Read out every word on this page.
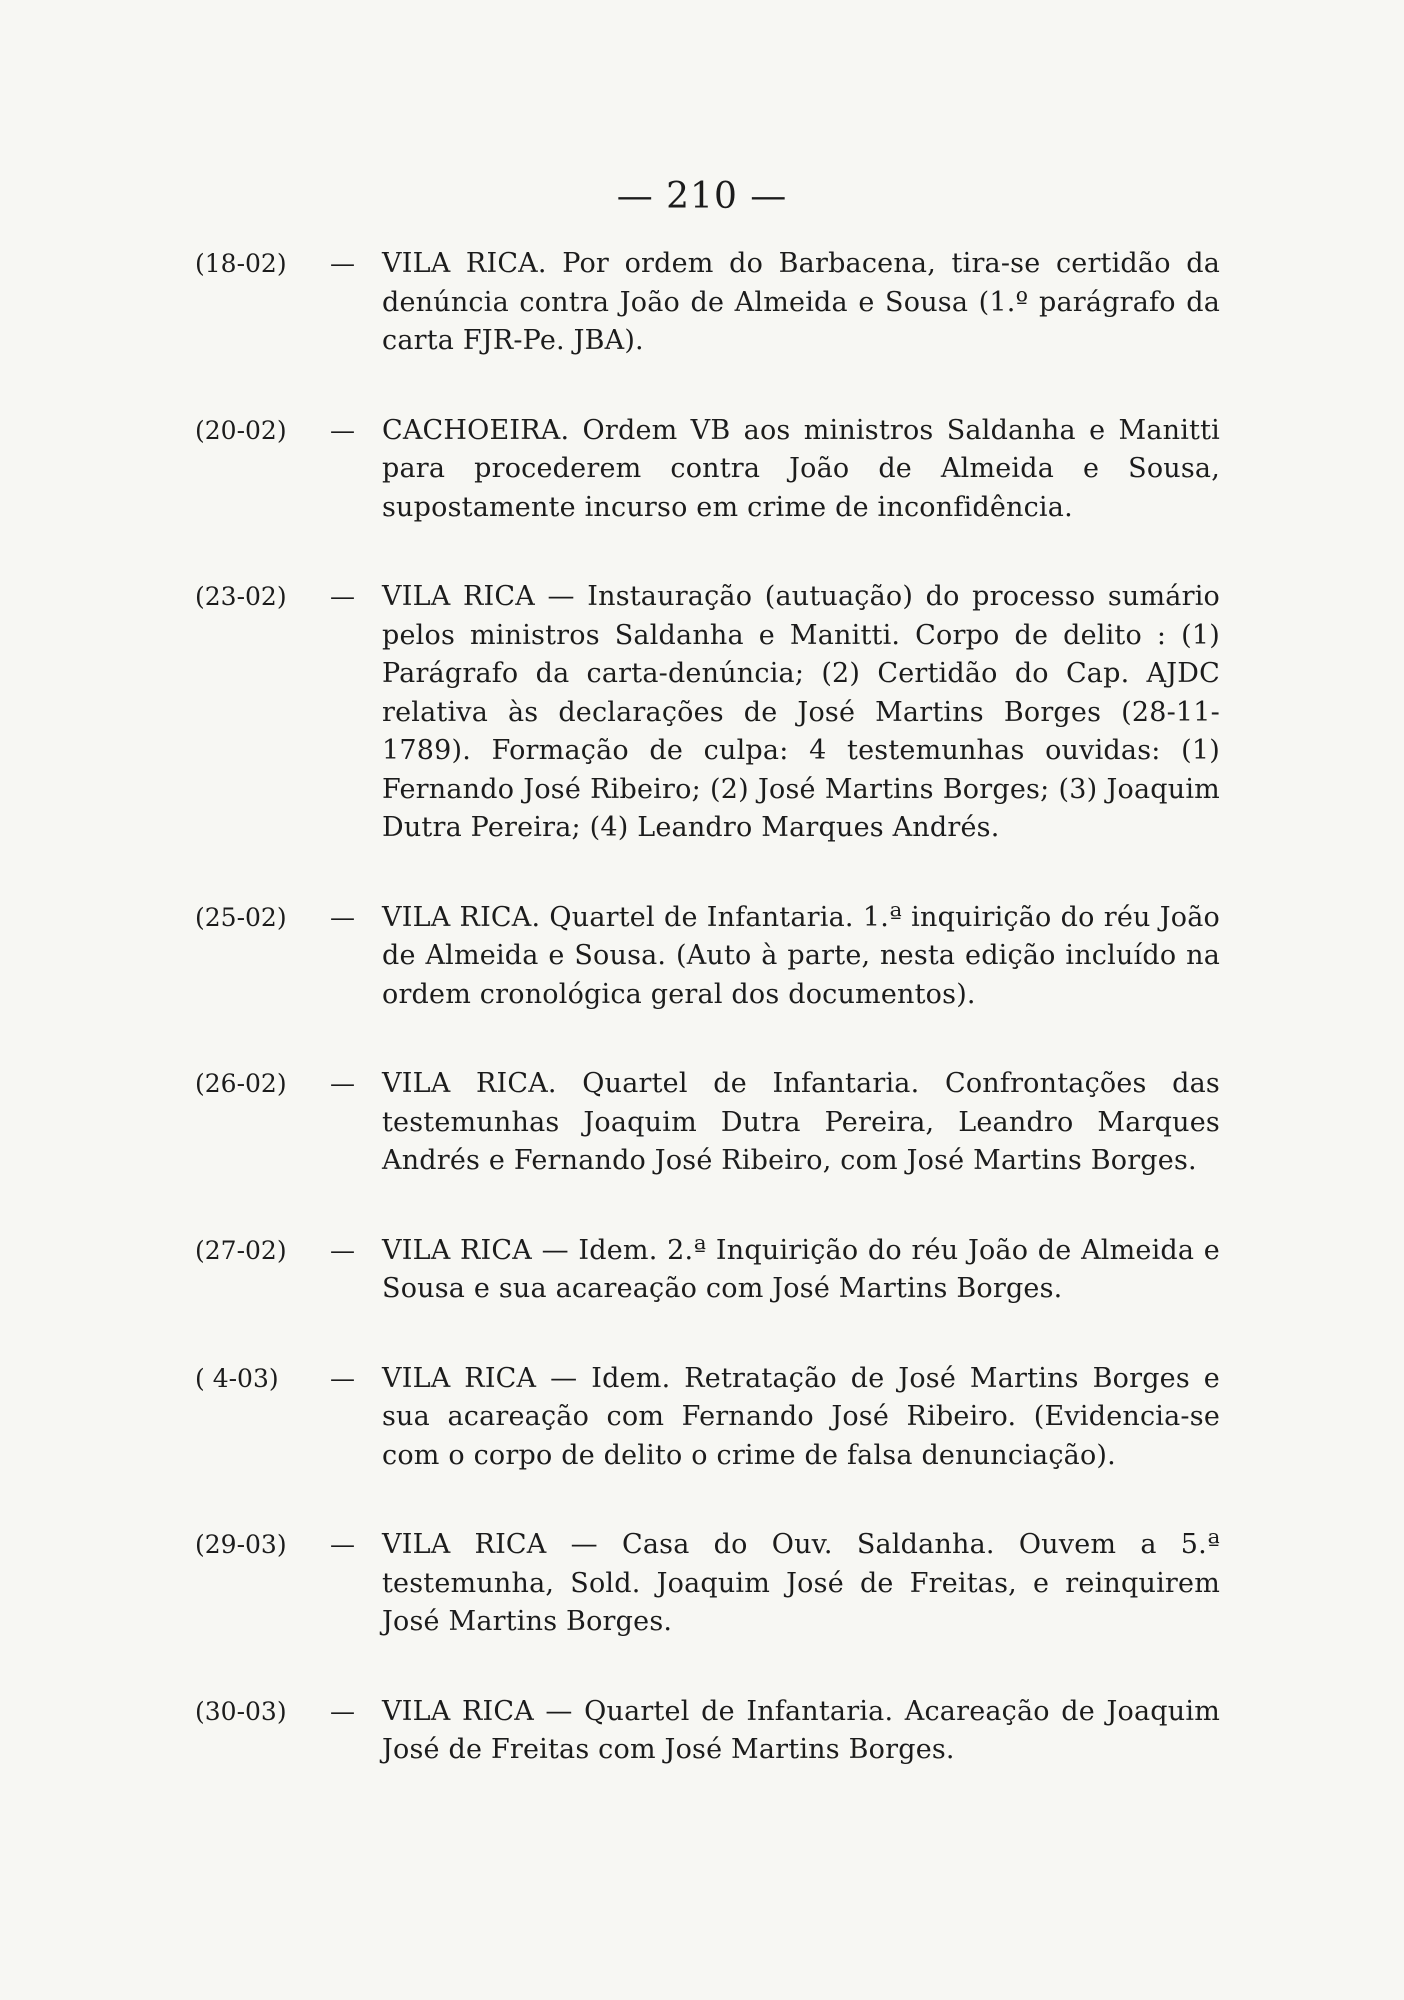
— 210 —
(18-02) — VILA RICA. Por ordem do Barbacena, tira-se certidão da denúncia contra João de Almeida e Sousa (1.º parágrafo da carta FJR-Pe. JBA).
(20-02) — CACHOEIRA. Ordem VB aos ministros Saldanha e Manitti para procederem contra João de Almeida e Sousa, supostamente incurso em crime de inconfidência.
(23-02) — VILA RICA — Instauração (autuação) do processo sumário pelos ministros Saldanha e Manitti. Corpo de delito : (1) Parágrafo da carta-denúncia; (2) Certidão do Cap. AJDC relativa às declarações de José Martins Borges (28-11-1789). Formação de culpa: 4 testemunhas ouvidas: (1) Fernando José Ribeiro; (2) José Martins Borges; (3) Joaquim Dutra Pereira; (4) Leandro Marques Andrés.
(25-02) — VILA RICA. Quartel de Infantaria. 1.ª inquirição do réu João de Almeida e Sousa. (Auto à parte, nesta edição incluído na ordem cronológica geral dos documentos).
(26-02) — VILA RICA. Quartel de Infantaria. Confrontações das testemunhas Joaquim Dutra Pereira, Leandro Marques Andrés e Fernando José Ribeiro, com José Martins Borges.
(27-02) — VILA RICA — Idem. 2.ª Inquirição do réu João de Almeida e Sousa e sua acareação com José Martins Borges.
( 4-03) — VILA RICA — Idem. Retratação de José Martins Borges e sua acareação com Fernando José Ribeiro. (Evidencia-se com o corpo de delito o crime de falsa denunciação).
(29-03) — VILA RICA — Casa do Ouv. Saldanha. Ouvem a 5.ª testemunha, Sold. Joaquim José de Freitas, e reinquirem José Martins Borges.
(30-03) — VILA RICA — Quartel de Infantaria. Acareação de Joaquim José de Freitas com José Martins Borges.
